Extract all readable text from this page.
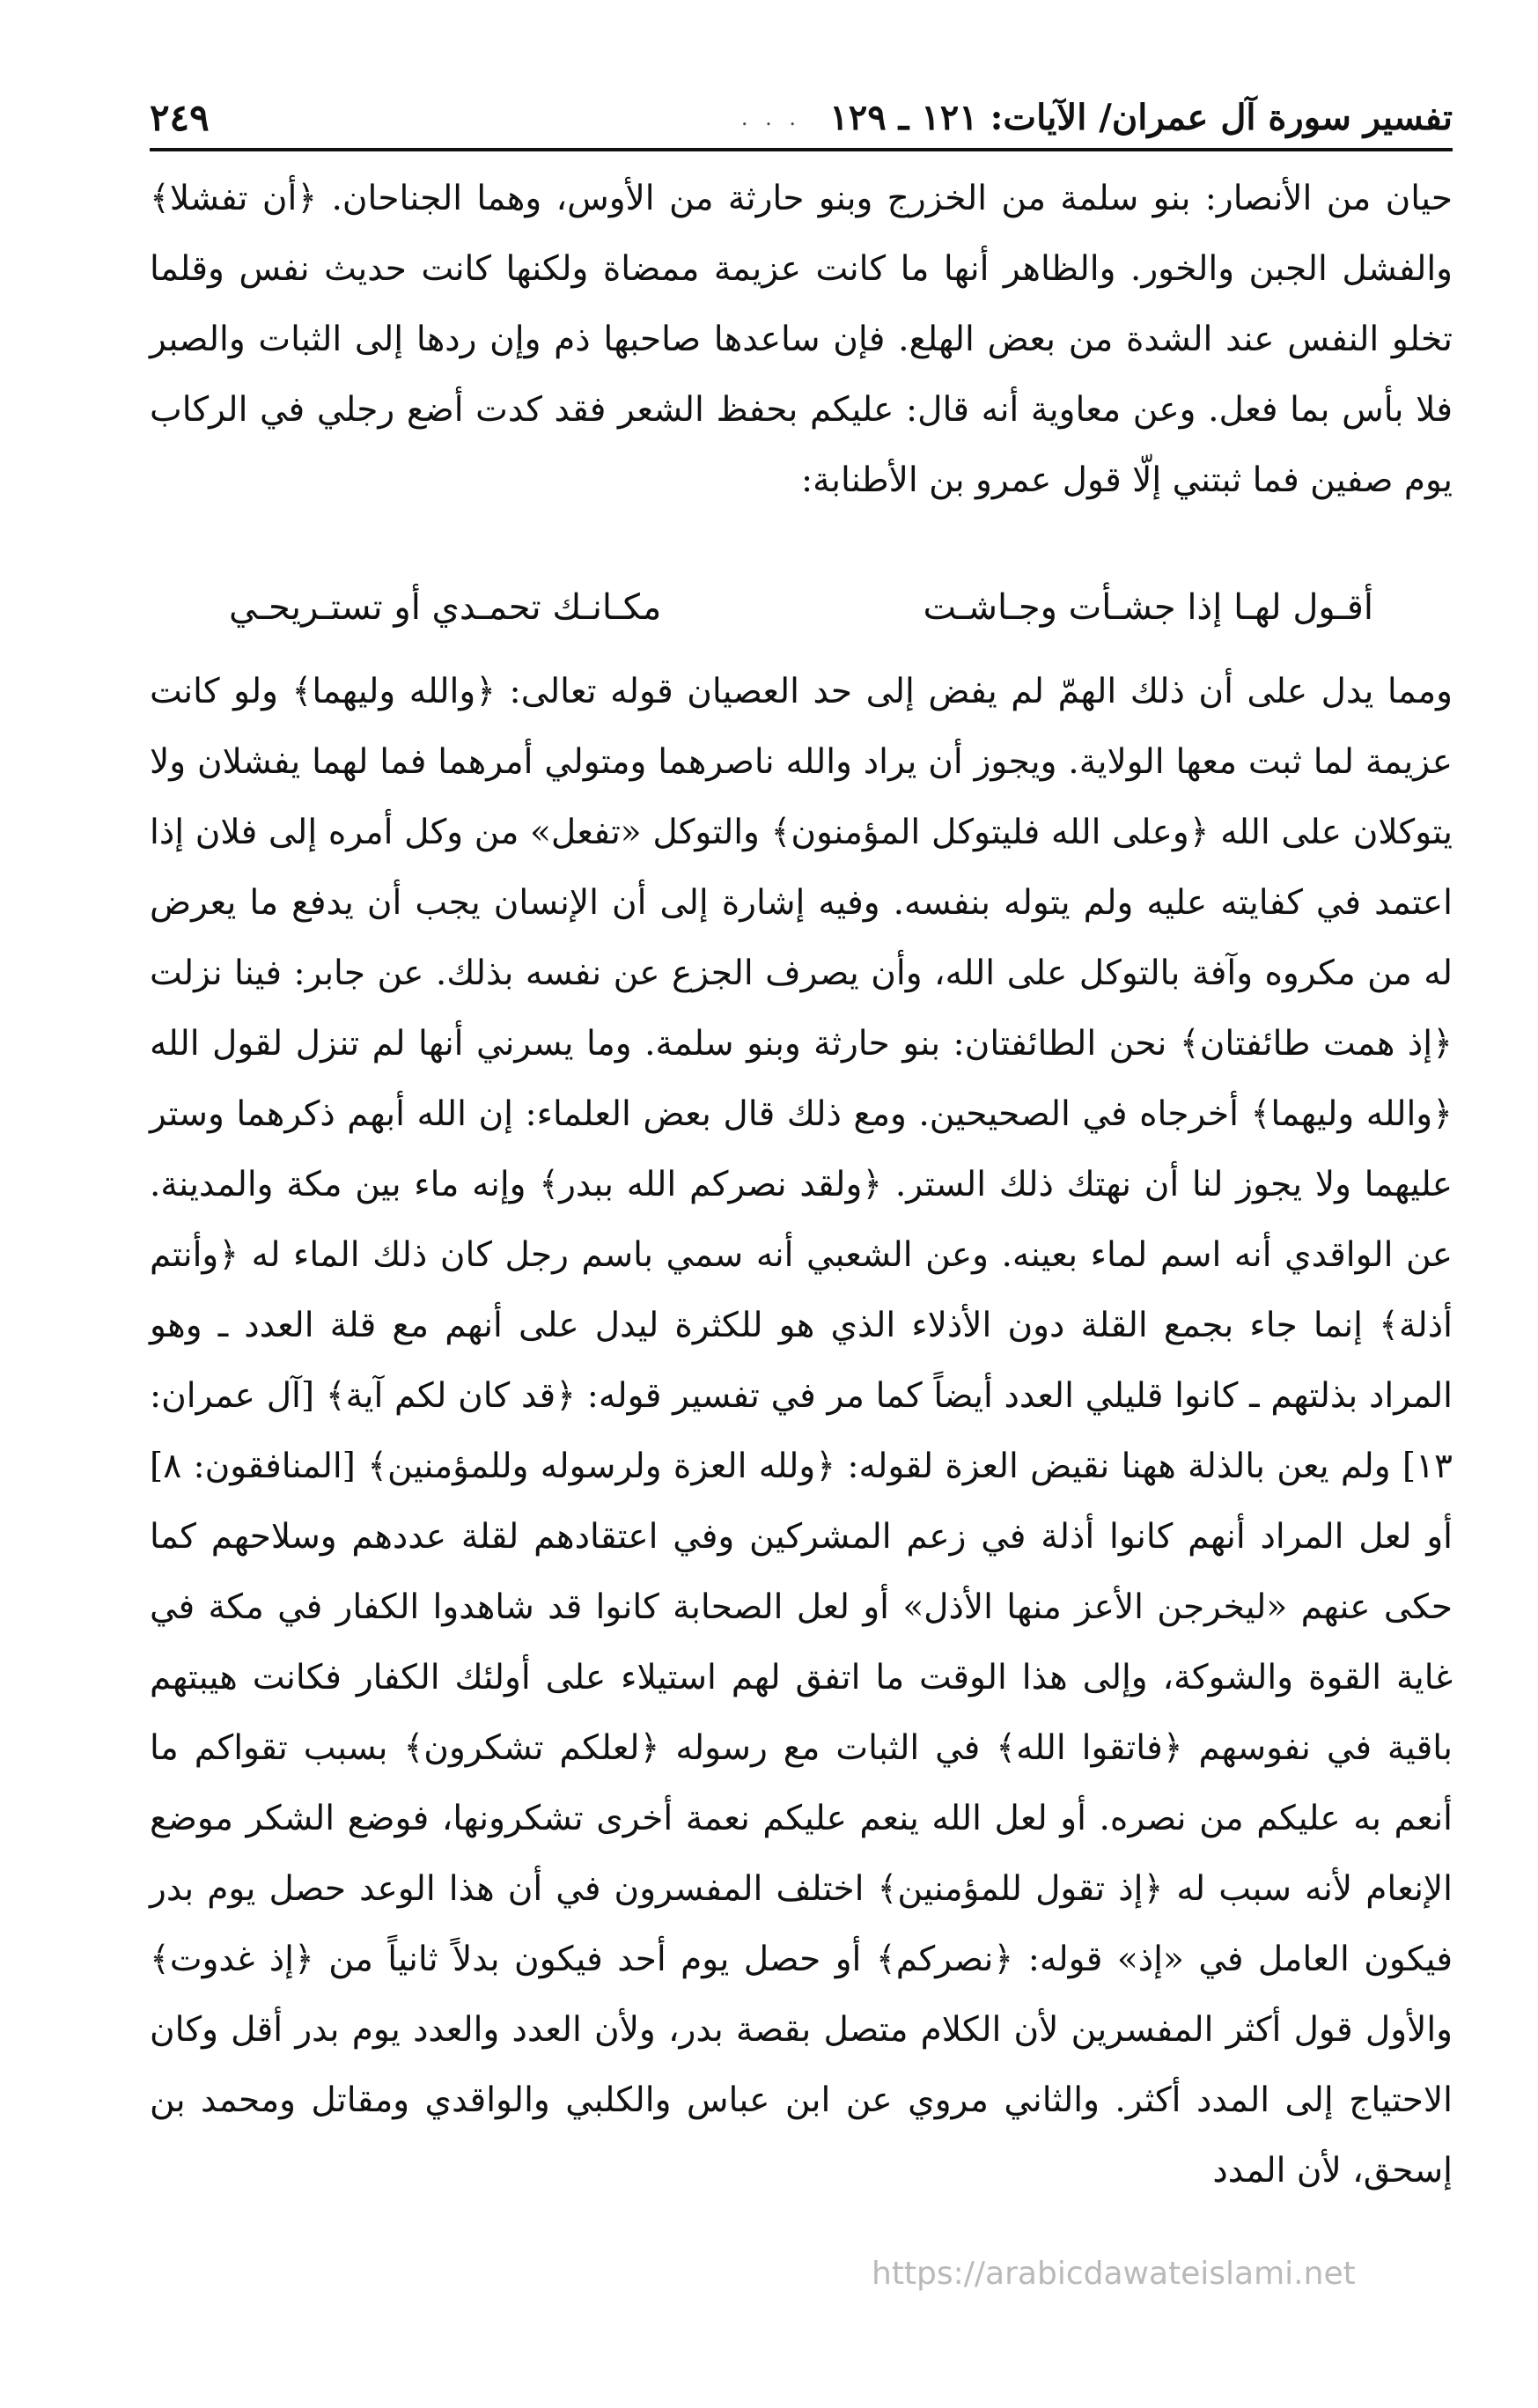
تفسير سورة آل عمران/ الآيات: ١٢١ ـ ١٢٩
. . .
٢٤٩

حيان من الأنصار: بنو سلمة من الخزرج وبنو حارثة من الأوس، وهما الجناحان. ﴿أن تفشلا﴾ والفشل الجبن والخور. والظاهر أنها ما كانت عزيمة ممضاة ولكنها كانت حديث نفس وقلما تخلو النفس عند الشدة من بعض الهلع. فإن ساعدها صاحبها ذم وإن ردها إلى الثبات والصبر فلا بأس بما فعل. وعن معاوية أنه قال: عليكم بحفظ الشعر فقد كدت أضع رجلي في الركاب يوم صفين فما ثبتني إلّا قول عمرو بن الأطنابة:

أقـول لهـا إذا جشـأت وجـاشـت
مكـانـك تحمـدي أو تستـريحـي

ومما يدل على أن ذلك الهمّ لم يفض إلى حد العصيان قوله تعالى: ﴿والله وليهما﴾ ولو كانت عزيمة لما ثبت معها الولاية. ويجوز أن يراد والله ناصرهما ومتولي أمرهما فما لهما يفشلان ولا يتوكلان على الله ﴿وعلى الله فليتوكل المؤمنون﴾ والتوكل «تفعل» من وكل أمره إلى فلان إذا اعتمد في كفايته عليه ولم يتوله بنفسه. وفيه إشارة إلى أن الإنسان يجب أن يدفع ما يعرض له من مكروه وآفة بالتوكل على الله، وأن يصرف الجزع عن نفسه بذلك. عن جابر: فينا نزلت ﴿إذ همت طائفتان﴾ نحن الطائفتان: بنو حارثة وبنو سلمة. وما يسرني أنها لم تنزل لقول الله ﴿والله وليهما﴾ أخرجاه في الصحيحين. ومع ذلك قال بعض العلماء: إن الله أبهم ذكرهما وستر عليهما ولا يجوز لنا أن نهتك ذلك الستر. ﴿ولقد نصركم الله ببدر﴾ وإنه ماء بين مكة والمدينة. عن الواقدي أنه اسم لماء بعينه. وعن الشعبي أنه سمي باسم رجل كان ذلك الماء له ﴿وأنتم أذلة﴾ إنما جاء بجمع القلة دون الأذلاء الذي هو للكثرة ليدل على أنهم مع قلة العدد ـ وهو المراد بذلتهم ـ كانوا قليلي العدد أيضاً كما مر في تفسير قوله: ﴿قد كان لكم آية﴾ [آل عمران: ١٣] ولم يعن بالذلة ههنا نقيض العزة لقوله: ﴿ولله العزة ولرسوله وللمؤمنين﴾ [المنافقون: ٨] أو لعل المراد أنهم كانوا أذلة في زعم المشركين وفي اعتقادهم لقلة عددهم وسلاحهم كما حكى عنهم «ليخرجن الأعز منها الأذل» أو لعل الصحابة كانوا قد شاهدوا الكفار في مكة في غاية القوة والشوكة، وإلى هذا الوقت ما اتفق لهم استيلاء على أولئك الكفار فكانت هيبتهم باقية في نفوسهم ﴿فاتقوا الله﴾ في الثبات مع رسوله ﴿لعلكم تشكرون﴾ بسبب تقواكم ما أنعم به عليكم من نصره. أو لعل الله ينعم عليكم نعمة أخرى تشكرونها، فوضع الشكر موضع الإنعام لأنه سبب له ﴿إذ تقول للمؤمنين﴾ اختلف المفسرون في أن هذا الوعد حصل يوم بدر فيكون العامل في «إذ» قوله: ﴿نصركم﴾ أو حصل يوم أحد فيكون بدلاً ثانياً من ﴿إذ غدوت﴾ والأول قول أكثر المفسرين لأن الكلام متصل بقصة بدر، ولأن العدد والعدد يوم بدر أقل وكان الاحتياج إلى المدد أكثر. والثاني مروي عن ابن عباس والكلبي والواقدي ومقاتل ومحمد بن إسحق، لأن المدد

https://arabicdawateislami.net
